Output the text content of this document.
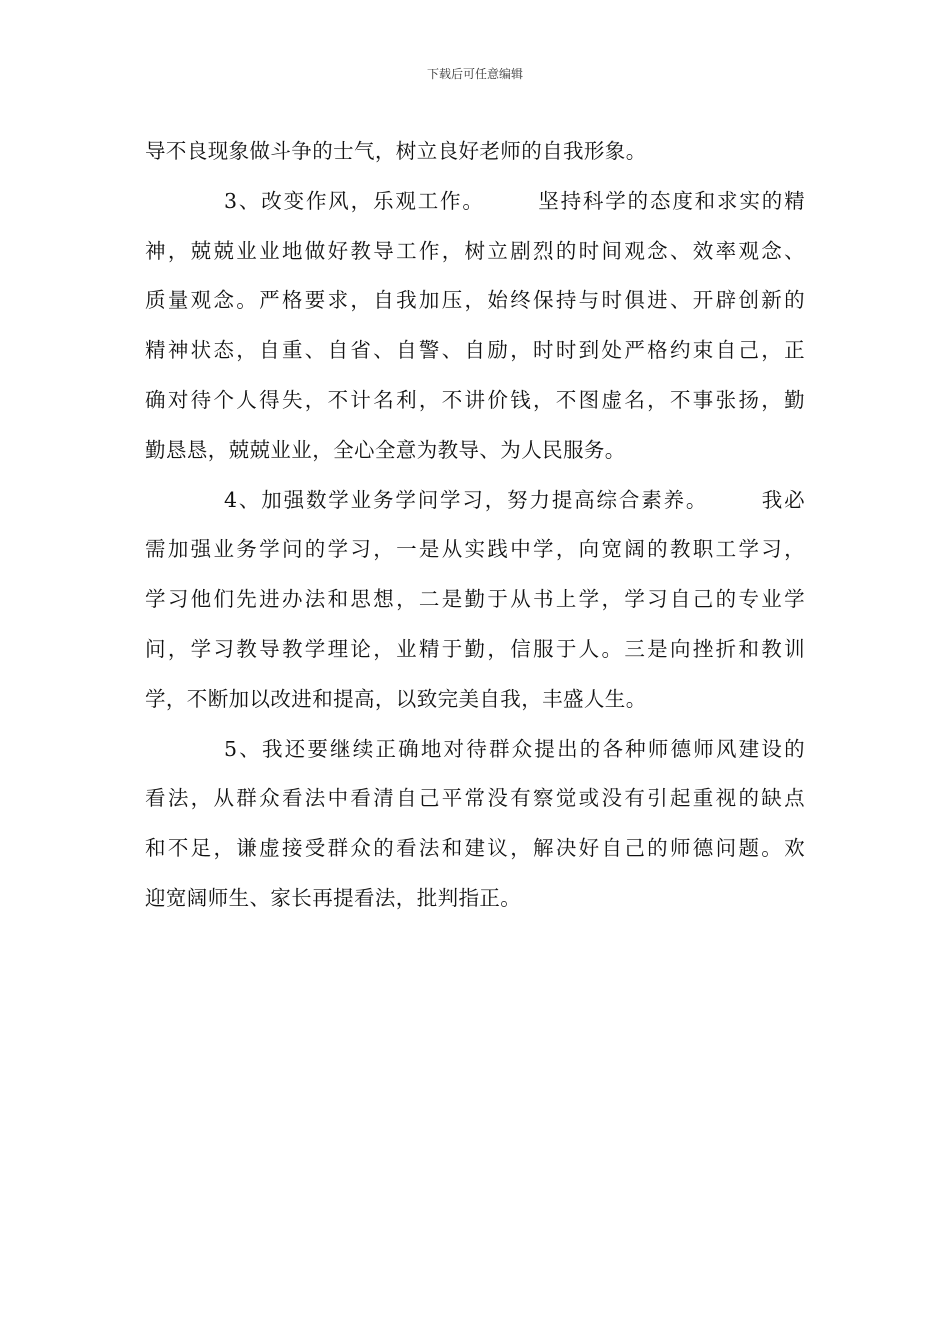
下载后可任意编辑

导不良现象做斗争的士气，树立良好老师的自我形象。

3、改变作风，乐观工作。	坚持科学的态度和求实的精
神，兢兢业业地做好教导工作，树立剧烈的时间观念、效率观念、
质量观念。严格要求，自我加压，始终保持与时俱进、开辟创新的
精神状态，自重、自省、自警、自励，时时到处严格约束自己，正
确对待个人得失，不计名利，不讲价钱，不图虚名，不事张扬，勤
勤恳恳，兢兢业业，全心全意为教导、为人民服务。

4、加强数学业务学问学习，努力提高综合素养。	我必
需加强业务学问的学习，一是从实践中学，向宽阔的教职工学习，
学习他们先进办法和思想，二是勤于从书上学，学习自己的专业学
问，学习教导教学理论，业精于勤，信服于人。三是向挫折和教训
学，不断加以改进和提高，以致完美自我，丰盛人生。

5、我还要继续正确地对待群众提出的各种师德师风建设的
看法，从群众看法中看清自己平常没有察觉或没有引起重视的缺点
和不足，谦虚接受群众的看法和建议，解决好自己的师德问题。欢
迎宽阔师生、家长再提看法，批判指正。
